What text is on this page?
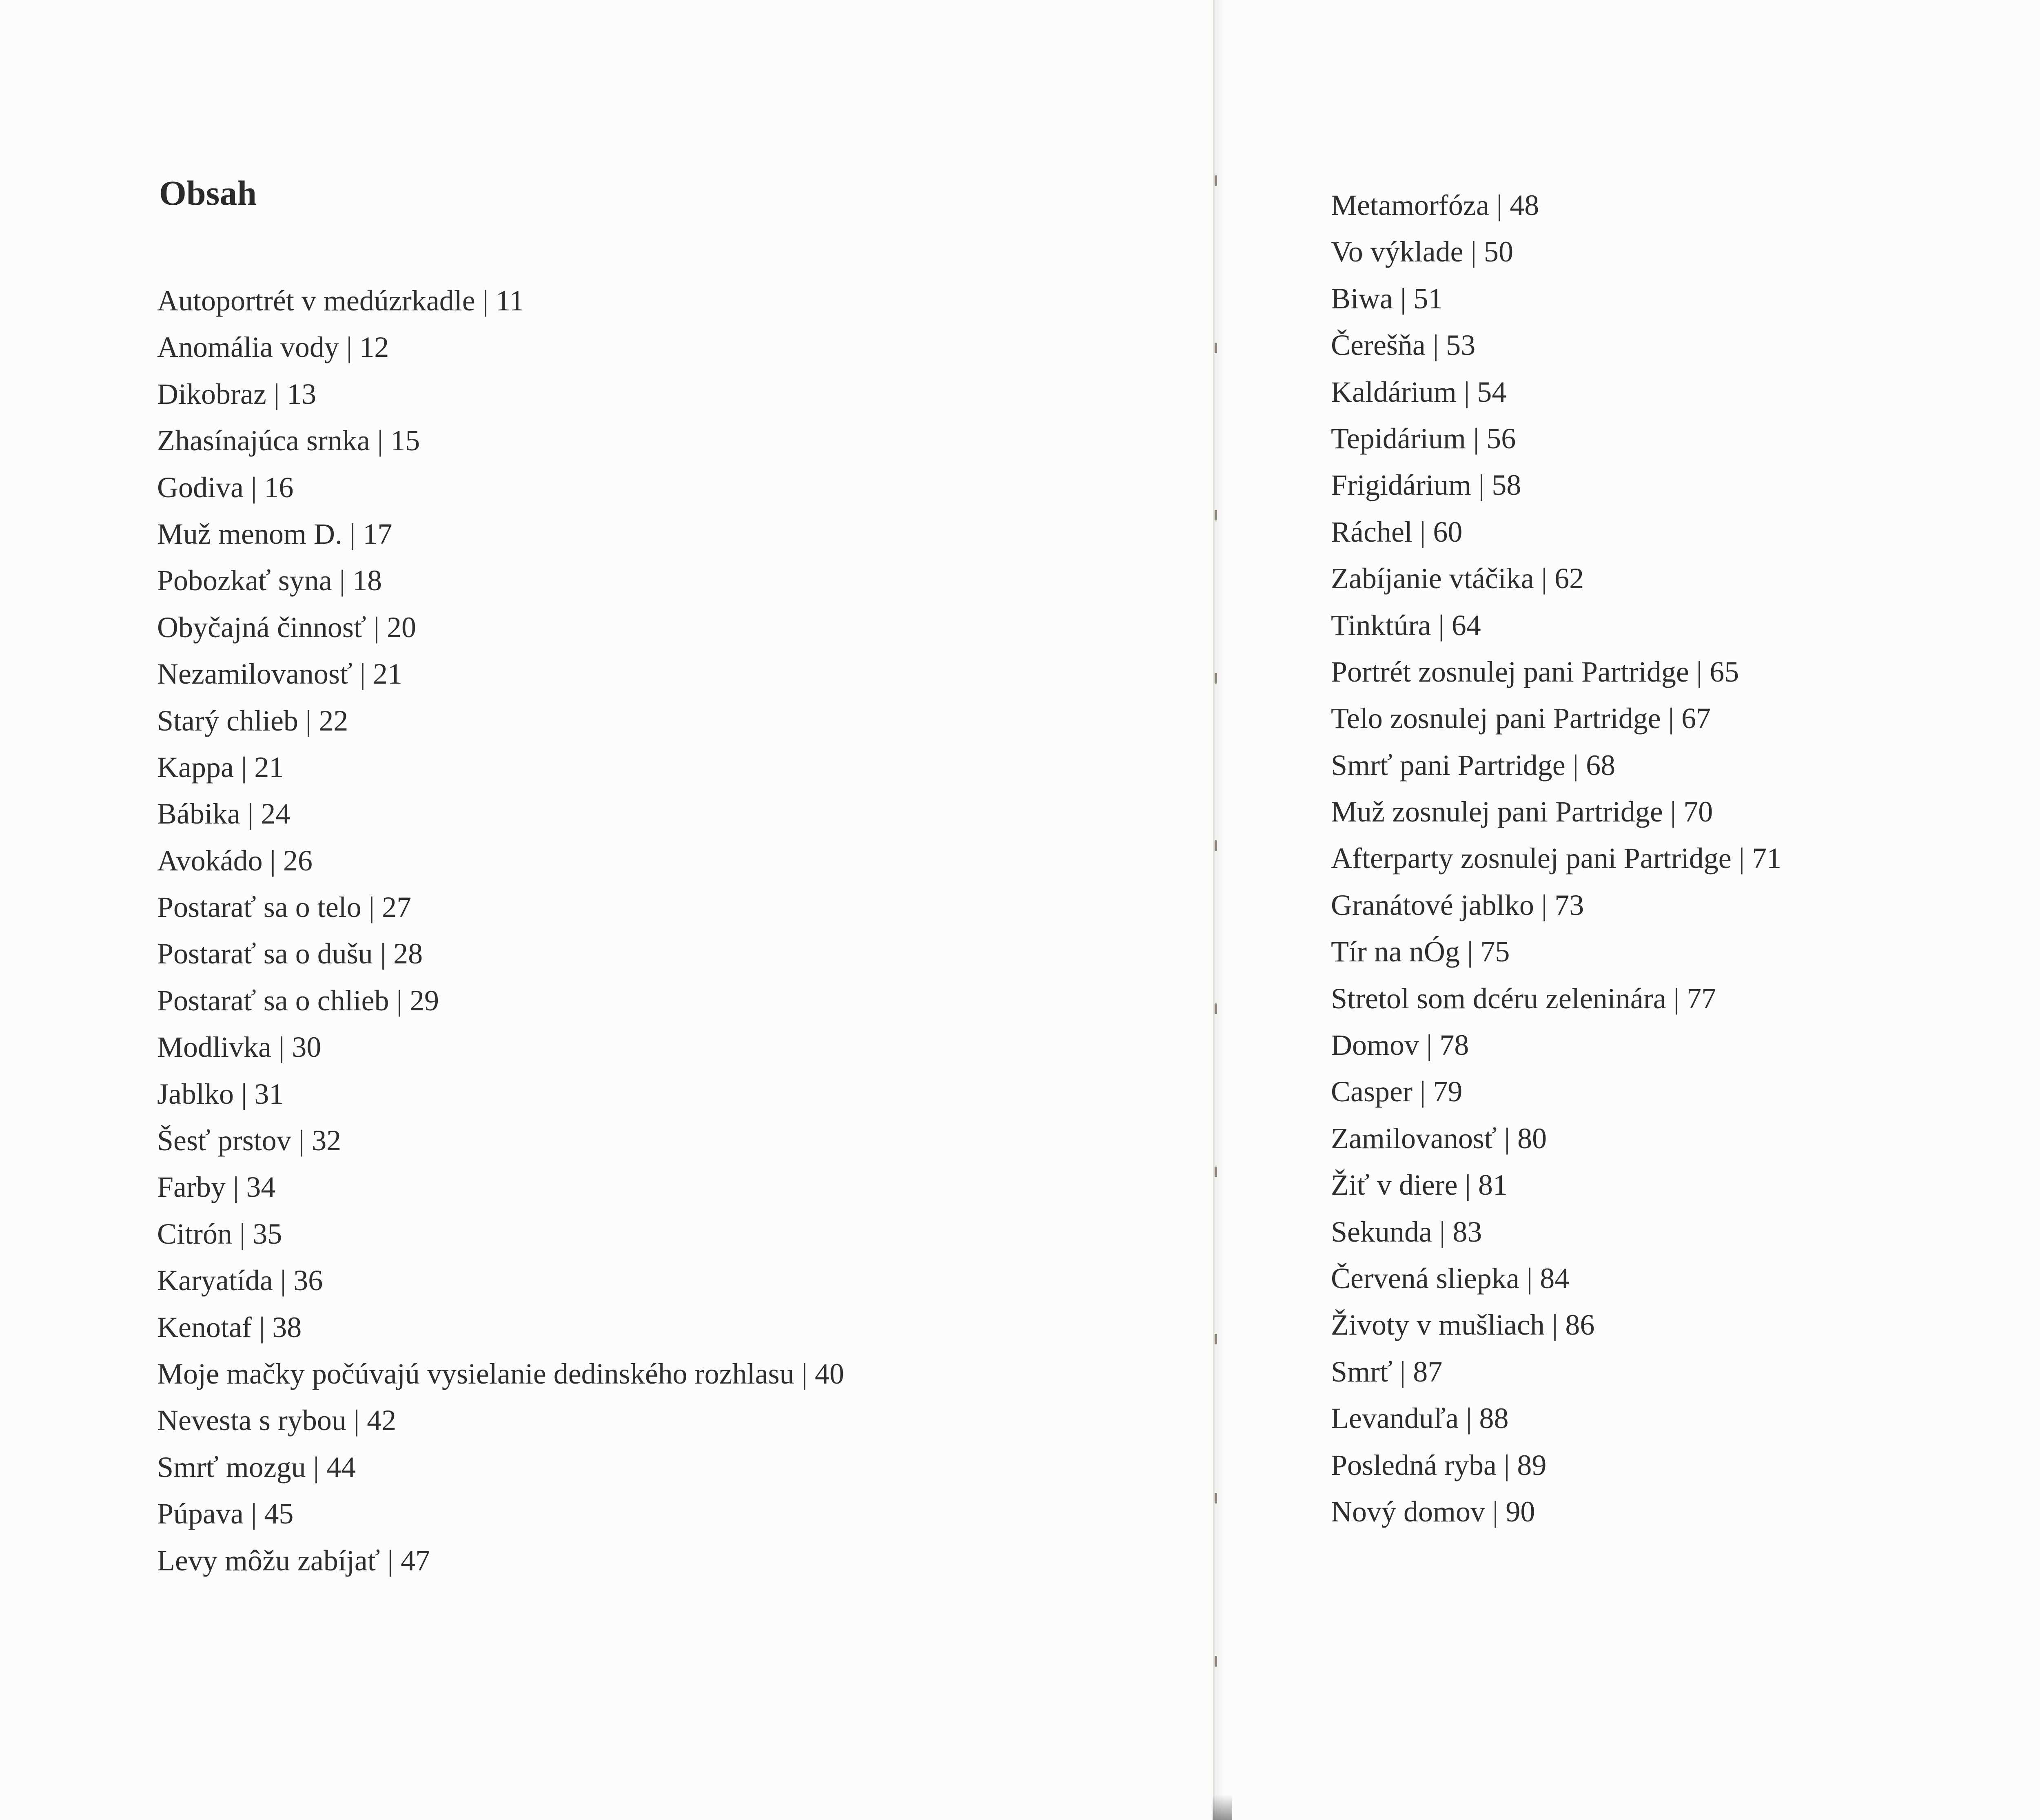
Obsah
Autoportrét v medúzrkadle | 11
Anomália vody | 12
Dikobraz | 13
Zhasínajúca srnka | 15
Godiva | 16
Muž menom D. | 17
Pobozkať syna | 18
Obyčajná činnosť | 20
Nezamilovanosť | 21
Starý chlieb | 22
Kappa | 21
Bábika | 24
Avokádo | 26
Postarať sa o telo | 27
Postarať sa o dušu | 28
Postarať sa o chlieb | 29
Modlivka | 30
Jablko | 31
Šesť prstov | 32
Farby | 34
Citrón | 35
Karyatída | 36
Kenotaf | 38
Moje mačky počúvajú vysielanie dedinského rozhlasu | 40
Nevesta s rybou | 42
Smrť mozgu | 44
Púpava | 45
Levy môžu zabíjať | 47
Metamorfóza | 48
Vo výklade | 50
Biwa | 51
Čerešňa | 53
Kaldárium | 54
Tepidárium | 56
Frigidárium | 58
Ráchel | 60
Zabíjanie vtáčika | 62
Tinktúra | 64
Portrét zosnulej pani Partridge | 65
Telo zosnulej pani Partridge | 67
Smrť pani Partridge | 68
Muž zosnulej pani Partridge | 70
Afterparty zosnulej pani Partridge | 71
Granátové jablko | 73
Tír na nÓg | 75
Stretol som dcéru zeleninára | 77
Domov | 78
Casper | 79
Zamilovanosť | 80
Žiť v diere | 81
Sekunda | 83
Červená sliepka | 84
Životy v mušliach | 86
Smrť | 87
Levanduľa | 88
Posledná ryba | 89
Nový domov | 90
